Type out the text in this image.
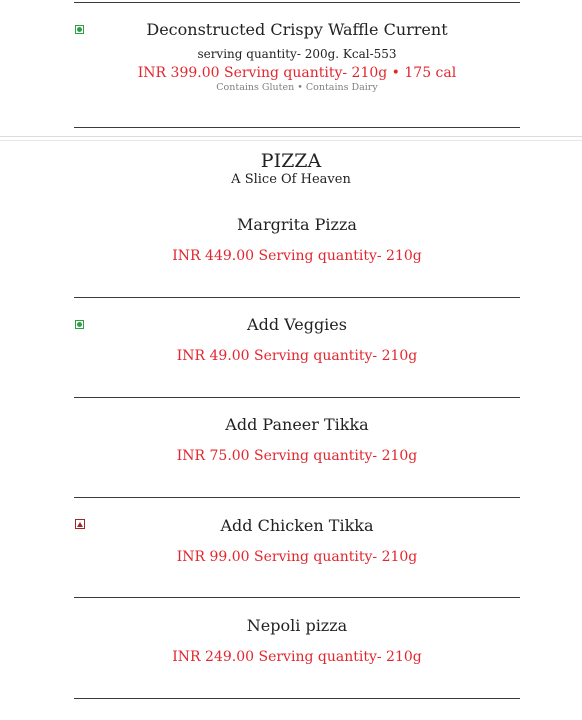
Deconstructed Crispy Waffle Current
serving quantity- 200g. Kcal-553
INR 399.00 Serving quantity- 210g • 175 cal
Contains Gluten • Contains Dairy
PIZZA
A Slice Of Heaven
Margrita Pizza
INR 449.00 Serving quantity- 210g
Add Veggies
INR 49.00 Serving quantity- 210g
Add Paneer Tikka
INR 75.00 Serving quantity- 210g
Add Chicken Tikka
INR 99.00 Serving quantity- 210g
Nepoli pizza
INR 249.00 Serving quantity- 210g
